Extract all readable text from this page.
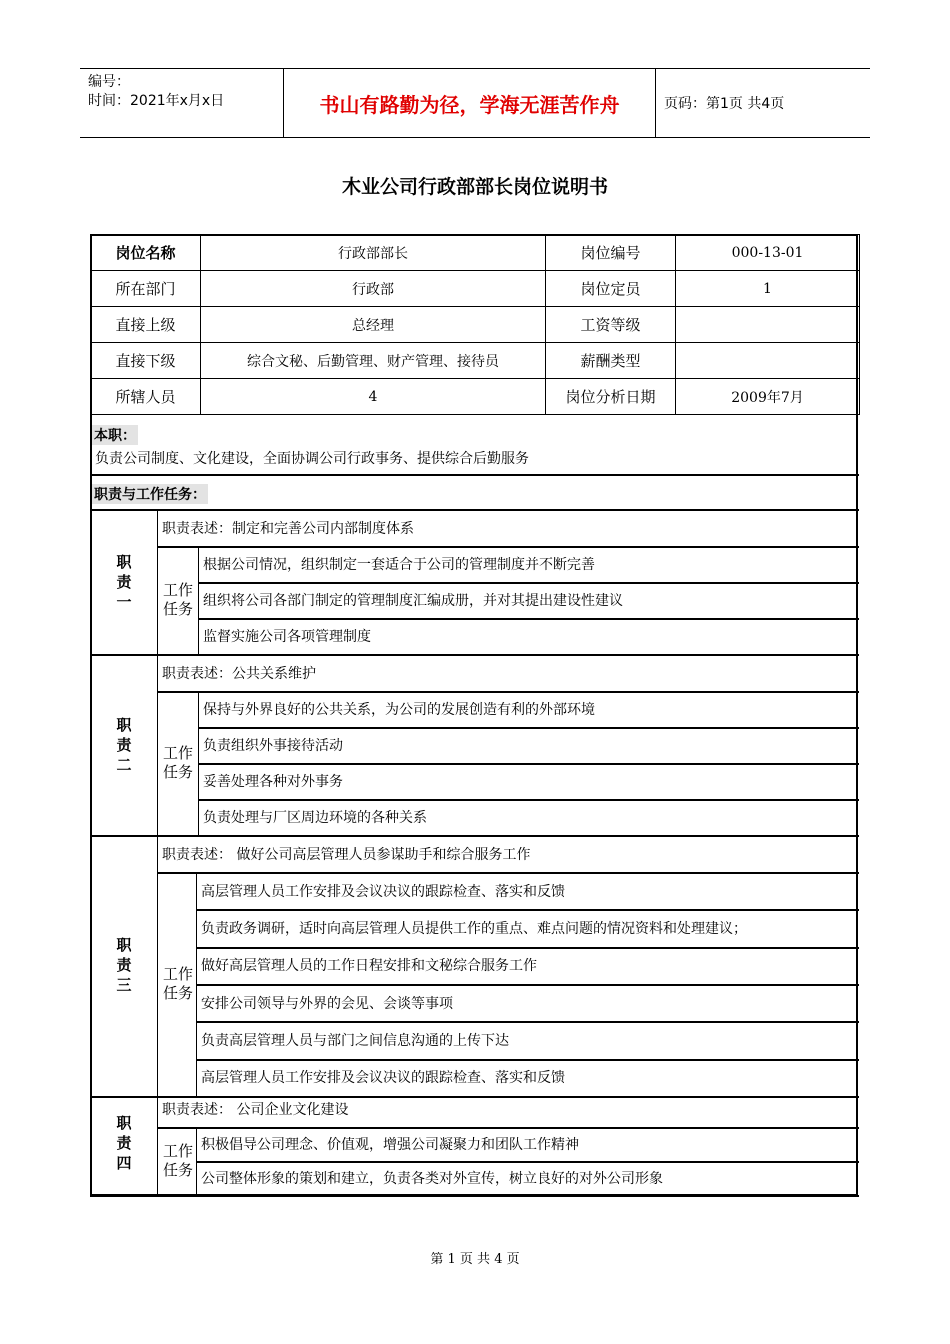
编号：
时间：2021年x月x日	书山有路勤为径，学海无涯苦作舟	页码：第1页 共4页
木业公司行政部部长岗位说明书
岗位名称	行政部部长	岗位编号	000-13-01
所在部门	行政部	岗位定员	1
直接上级	总经理	工资等级	
直接下级	综合文秘、后勤管理、财产管理、接待员	薪酬类型	
所辖人员	4	岗位分析日期	2009年7月
本职：
负责公司制度、文化建设，全面协调公司行政事务、提供综合后勤服务
职责与工作任务：
职
责
一
职责表述：制定和完善公司内部制度体系
工作
任务
根据公司情况，组织制定一套适合于公司的管理制度并不断完善
组织将公司各部门制定的管理制度汇编成册，并对其提出建设性建议
监督实施公司各项管理制度
职
责
二
职责表述：公共关系维护
工作
任务
保持与外界良好的公共关系，为公司的发展创造有利的外部环境
负责组织外事接待活动
妥善处理各种对外事务
负责处理与厂区周边环境的各种关系
职
责
三
职责表述： 做好公司高层管理人员参谋助手和综合服务工作
工作
任务
高层管理人员工作安排及会议决议的跟踪检查、落实和反馈
负责政务调研，适时向高层管理人员提供工作的重点、难点问题的情况资料和处理建议；
做好高层管理人员的工作日程安排和文秘综合服务工作
安排公司领导与外界的会见、会谈等事项
负责高层管理人员与部门之间信息沟通的上传下达
高层管理人员工作安排及会议决议的跟踪检查、落实和反馈
职
责
四
职责表述： 公司企业文化建设
工作
任务
积极倡导公司理念、价值观，增强公司凝聚力和团队工作精神
公司整体形象的策划和建立，负责各类对外宣传，树立良好的对外公司形象
第 1 页 共 4 页
